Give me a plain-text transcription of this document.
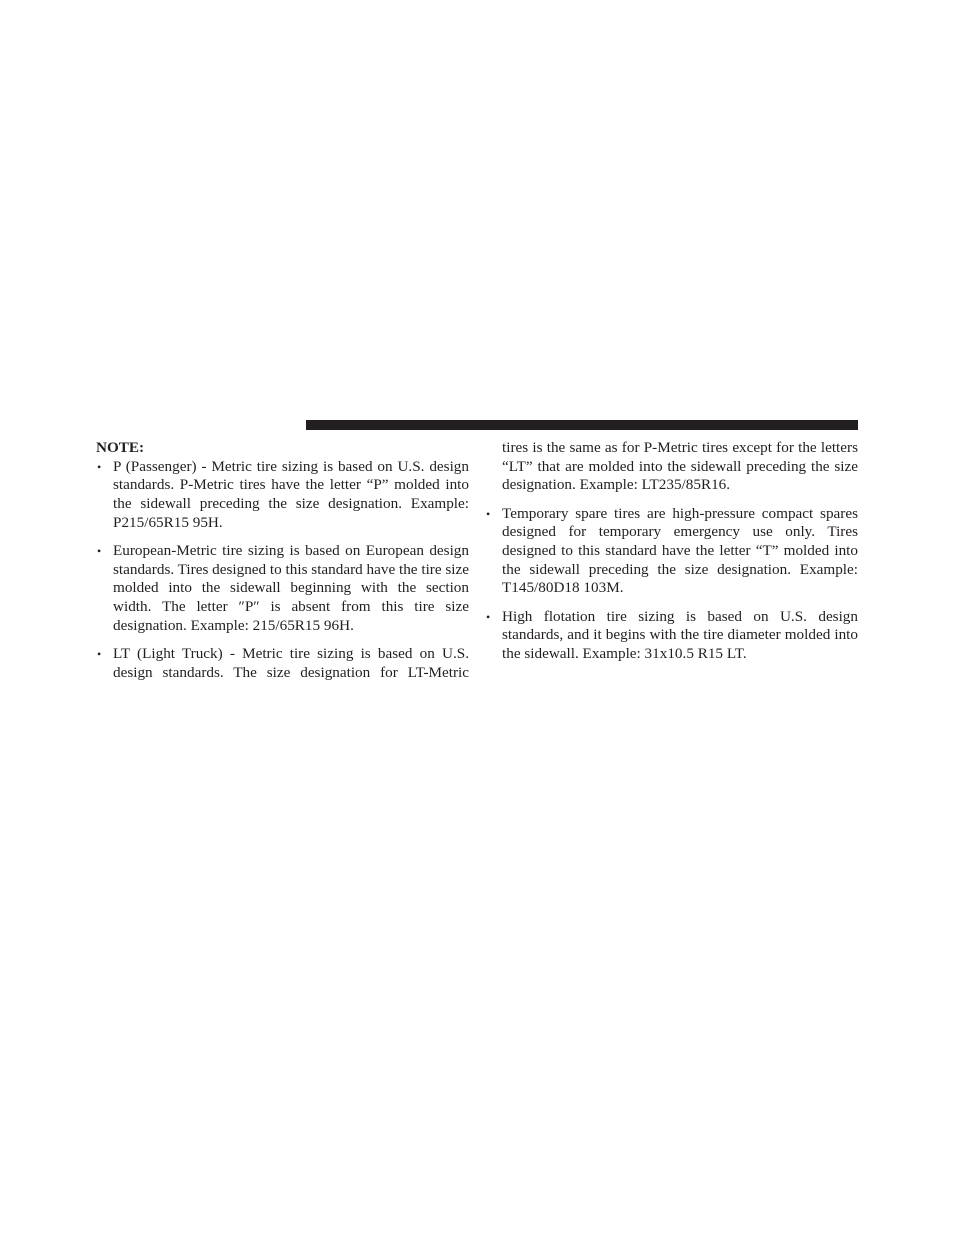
NOTE:

• P (Passenger) - Metric tire sizing is based on U.S. design standards. P-Metric tires have the letter “P” molded into the sidewall preceding the size designation. Example: P215/65R15 95H.
• European-Metric tire sizing is based on European design standards. Tires designed to this standard have the tire size molded into the sidewall beginning with the section width. The letter ″P″ is absent from this tire size designation. Example: 215/65R15 96H.
• LT (Light Truck) - Metric tire sizing is based on U.S. design standards. The size designation for LT-Metric

tires is the same as for P-Metric tires except for the letters “LT” that are molded into the sidewall preceding the size designation. Example: LT235/85R16.

• Temporary spare tires are high-pressure compact spares designed for temporary emergency use only. Tires designed to this standard have the letter “T” molded into the sidewall preceding the size designation. Example: T145/80D18 103M.
• High flotation tire sizing is based on U.S. design standards, and it begins with the tire diameter molded into the sidewall. Example: 31x10.5 R15 LT.
